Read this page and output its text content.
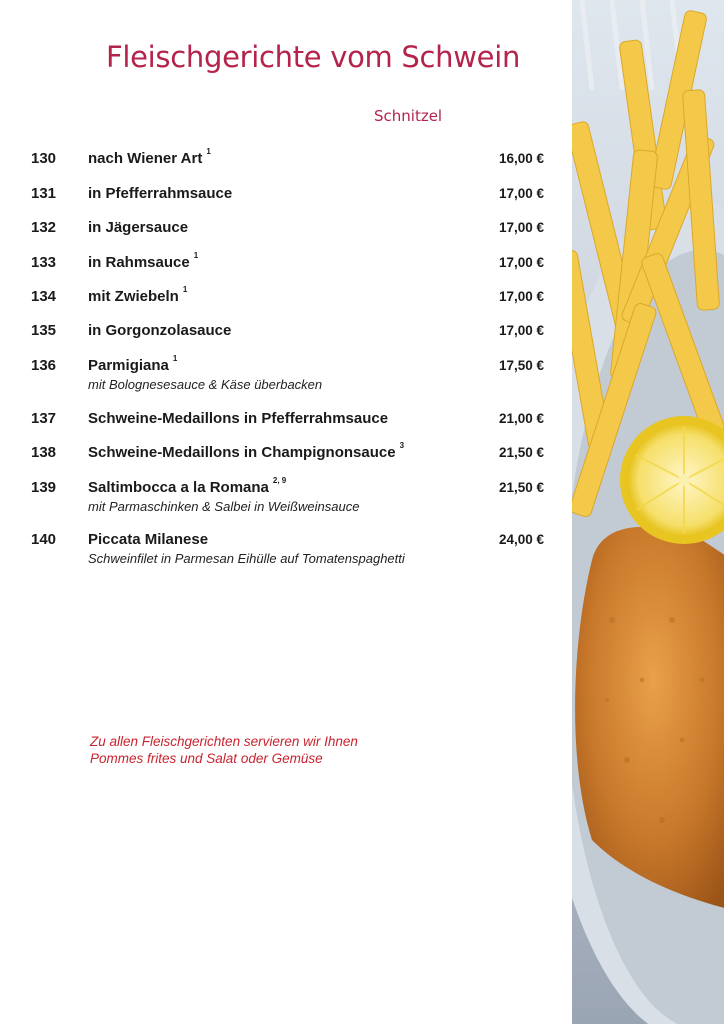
Fleischgerichte vom Schwein
Schnitzel
130 nach Wiener Art $^1$	16,00 €
131 in Pfefferrahmsauce	17,00 €
132 in Jägersauce	17,00 €
133 in Rahmsauce $^1$	17,00 €
134 mit Zwiebeln $^1$	17,00 €
135 in Gorgonzolasauce	17,00 €
136 Parmigiana $^1$	17,50 €
mit Bolognesesauce & Käse überbacken
137 Schweine-Medaillons in Pfefferrahmsauce	21,00 €
138 Schweine-Medaillons in Champignonsauce $^3$	21,50 €
139 Saltimbocca a la Romana $^{2, 9}$	21,50 €
mit Parmaschinken & Salbei in Weißweinsauce
140 Piccata Milanese	24,00 €
Schweinfilet in Parmesan Eihülle auf Tomatenspaghetti
Zu allen Fleischgerichten servieren wir Ihnen
Pommes frites und Salat oder Gemüse
